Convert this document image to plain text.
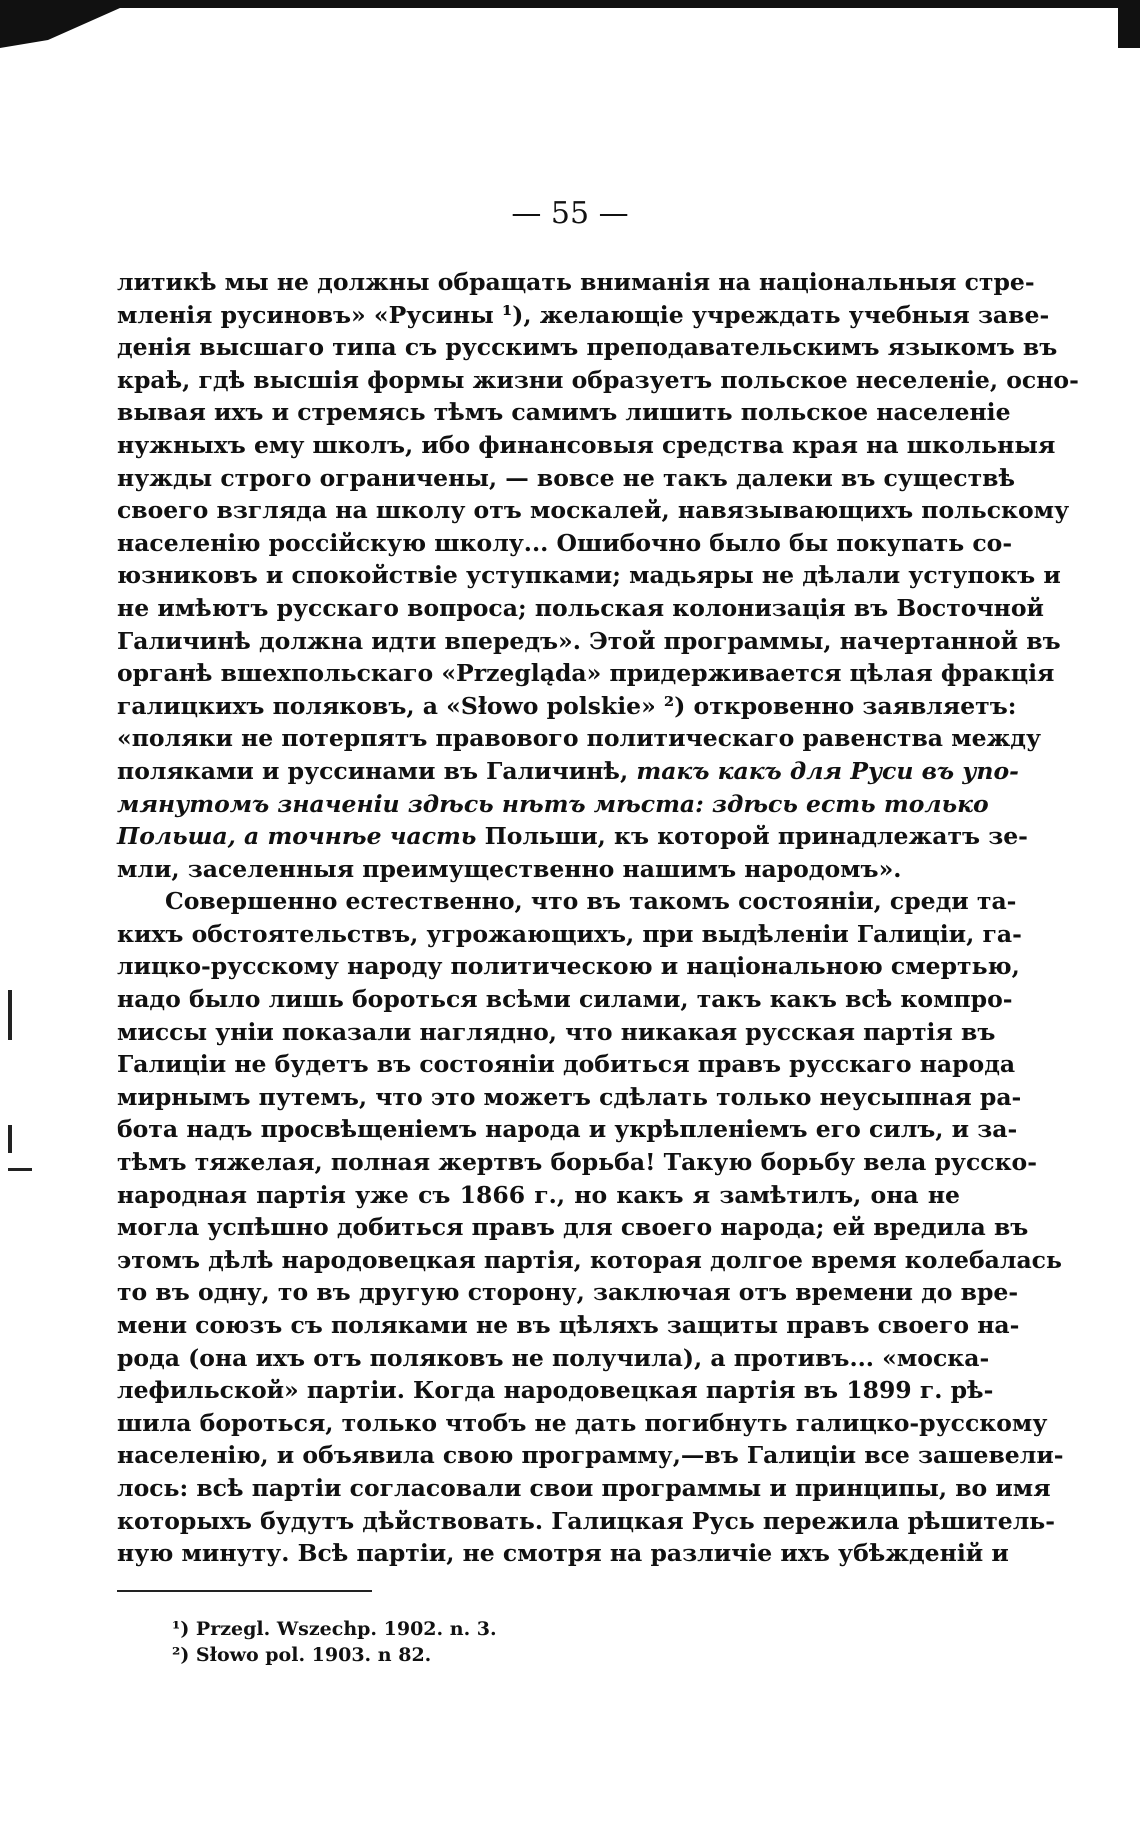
— 55 —
литикѣ мы не должны обращать вниманія на національныя стре-
мленія русиновъ» «Русины ¹), желающіе учреждать учебныя заве-
денія высшаго типа съ русскимъ преподавательскимъ языкомъ въ
краѣ, гдѣ высшія формы жизни образуетъ польское неселеніе, осно-
вывая ихъ и стремясь тѣмъ самимъ лишить польское населеніе
нужныхъ ему школъ, ибо финансовыя средства края на школьныя
нужды строго ограничены, — вовсе не такъ далеки въ существѣ
своего взгляда на школу отъ москалей, навязывающихъ польскому
населенію россійскую школу... Ошибочно было бы покупать со-
юзниковъ и спокойствіе уступками; мадьяры не дѣлали уступокъ и
не имѣютъ русскаго вопроса; польская колонизація въ Восточной
Галичинѣ должна идти впередъ». Этой программы, начертанной въ
органѣ вшехпольскаго «Przegląda» придерживается цѣлая фракція
галицкихъ поляковъ, а «Słowo polskie» ²) откровенно заявляетъ:
«поляки не потерпятъ правового политическаго равенства между
поляками и руссинами въ Галичинѣ, такъ какъ для Руси въ упо-
мянутомъ значеніи здѣсь нѣтъ мѣста: здѣсь есть только
Польша, а точнѣе часть Польши, къ которой принадлежатъ зе-
мли, заселенныя преимущественно нашимъ народомъ».
Совершенно естественно, что въ такомъ состояніи, среди та-
кихъ обстоятельствъ, угрожающихъ, при выдѣленіи Галиціи, га-
лицко-русскому народу политическою и національною смертью,
надо было лишь бороться всѣми силами, такъ какъ всѣ компро-
миссы уніи показали наглядно, что никакая русская партія въ
Галиціи не будетъ въ состояніи добиться правъ русскаго народа
мирнымъ путемъ, что это можетъ сдѣлать только неусыпная ра-
бота надъ просвѣщеніемъ народа и укрѣпленіемъ его силъ, и за-
тѣмъ тяжелая, полная жертвъ борьба! Такую борьбу вела русско-
народная партія уже съ 1866 г., но какъ я замѣтилъ, она не
могла успѣшно добиться правъ для своего народа; ей вредила въ
этомъ дѣлѣ народовецкая партія, которая долгое время колебалась
то въ одну, то въ другую сторону, заключая отъ времени до вре-
мени союзъ съ поляками не въ цѣляхъ защиты правъ своего на-
рода (она ихъ отъ поляковъ не получила), а противъ... «моска-
лефильской» партіи. Когда народовецкая партія въ 1899 г. рѣ-
шила бороться, только чтобъ не дать погибнуть галицко-русскому
населенію, и объявила свою программу,—въ Галиціи все зашевели-
лось: всѣ партіи согласовали свои программы и принципы, во имя
которыхъ будутъ дѣйствовать. Галицкая Русь пережила рѣшитель-
ную минуту. Всѣ партіи, не смотря на различіе ихъ убѣжденій и
¹) Przegl. Wszechp. 1902. n. 3.
²) Słowo pol. 1903. n 82.
